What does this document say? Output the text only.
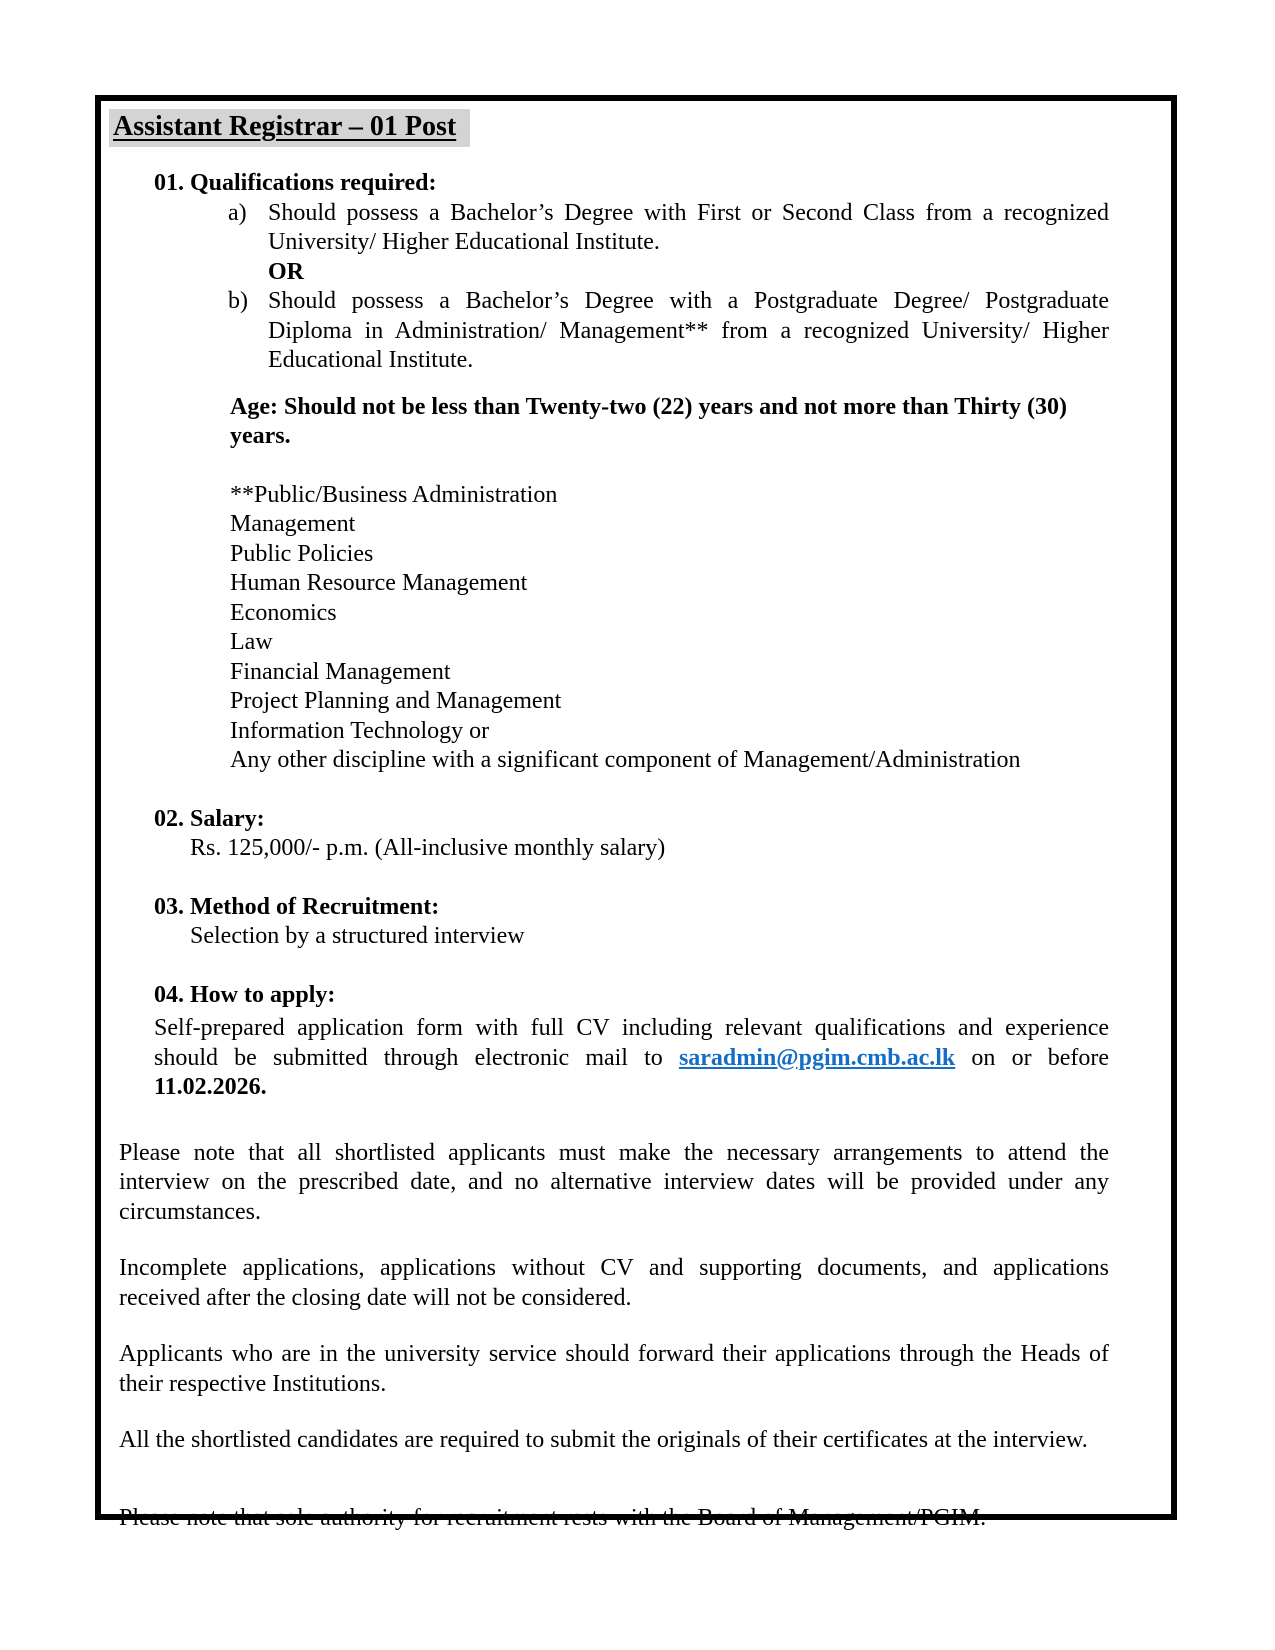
Assistant Registrar – 01 Post
01. Qualifications required:
a) Should possess a Bachelor’s Degree with First or Second Class from a recognized University/ Higher Educational Institute.
OR
b) Should possess a Bachelor’s Degree with a Postgraduate Degree/ Postgraduate Diploma in Administration/ Management** from a recognized University/ Higher Educational Institute.
Age: Should not be less than Twenty-two (22) years and not more than Thirty (30) years.
**Public/Business Administration
Management
Public Policies
Human Resource Management
Economics
Law
Financial Management
Project Planning and Management
Information Technology or
Any other discipline with a significant component of Management/Administration
02. Salary:

Rs. 125,000/- p.m. (All-inclusive monthly salary)

03. Method of Recruitment:

Selection by a structured interview

04. How to apply:

Self-prepared application form with full CV including relevant qualifications and experience should be submitted through electronic mail to saradmin@pgim.cmb.ac.lk on or before 11.02.2026.

Please note that all shortlisted applicants must make the necessary arrangements to attend the interview on the prescribed date, and no alternative interview dates will be provided under any circumstances.

Incomplete applications, applications without CV and supporting documents, and applications received after the closing date will not be considered.

Applicants who are in the university service should forward their applications through the Heads of their respective Institutions.

All the shortlisted candidates are required to submit the originals of their certificates at the interview.

Please note that sole authority for recruitment rests with the Board of Management/PGIM.
